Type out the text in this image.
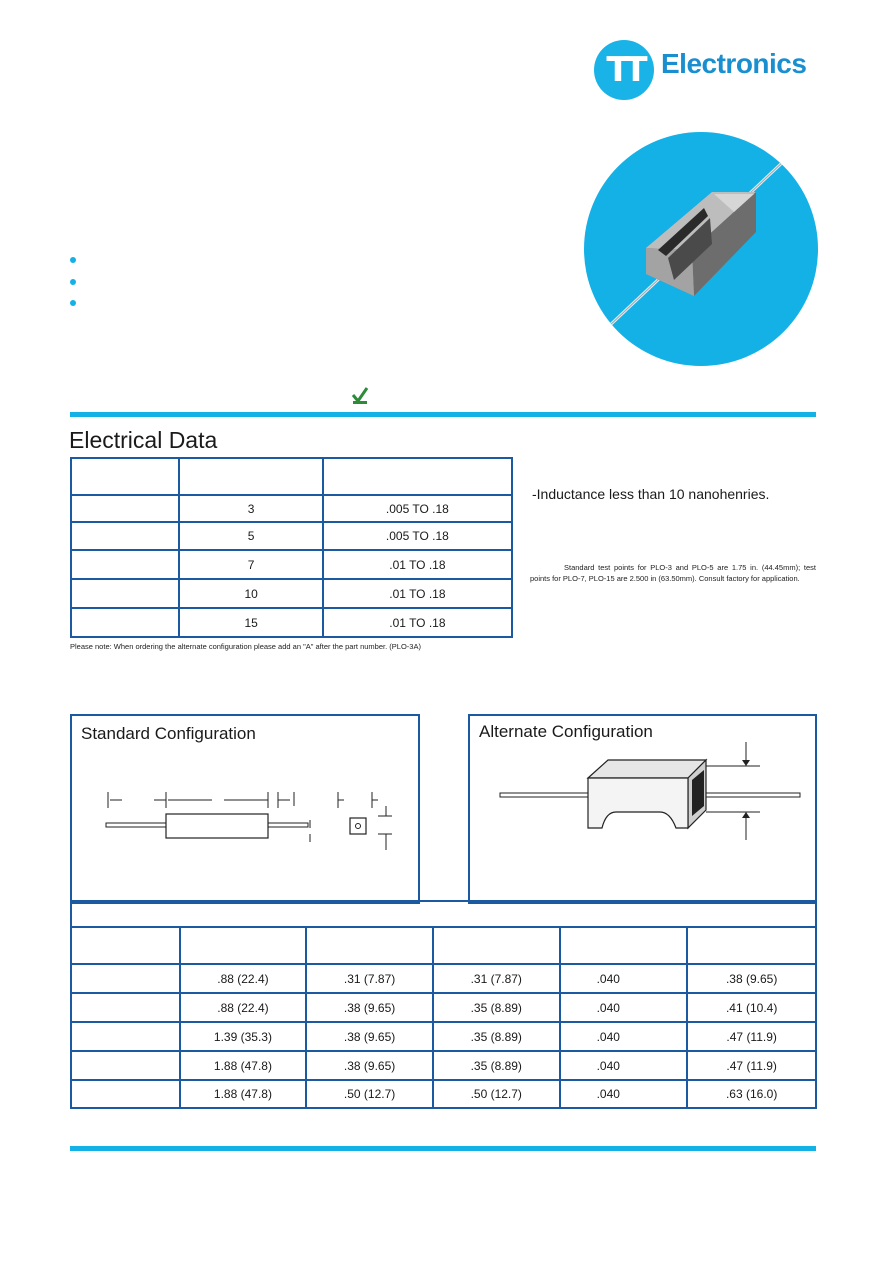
TT Electronics
Electrical Data

	3	.005 TO .18
	5	.005 TO .18
	7	.01 TO .18
	10	.01 TO .18
	15	.01 TO .18
Please note: When ordering the alternate configuration please add an "A" after the part number. (PLO-3A)
-Inductance less than 10 nanohenries.
Standard test points for PLO-3 and PLO-5 are 1.75 in. (44.45mm); test points for PLO-7, PLO-15 are 2.500 in (63.50mm). Consult factory for application.
Standard Configuration	Alternate Configuration

	.88 (22.4)	.31 (7.87)	.31 (7.87)	.040	.38 (9.65)
	.88 (22.4)	.38 (9.65)	.35 (8.89)	.040	.41 (10.4)
	1.39 (35.3)	.38 (9.65)	.35 (8.89)	.040	.47 (11.9)
	1.88 (47.8)	.38 (9.65)	.35 (8.89)	.040	.47 (11.9)
	1.88 (47.8)	.50 (12.7)	.50 (12.7)	.040	.63 (16.0)
